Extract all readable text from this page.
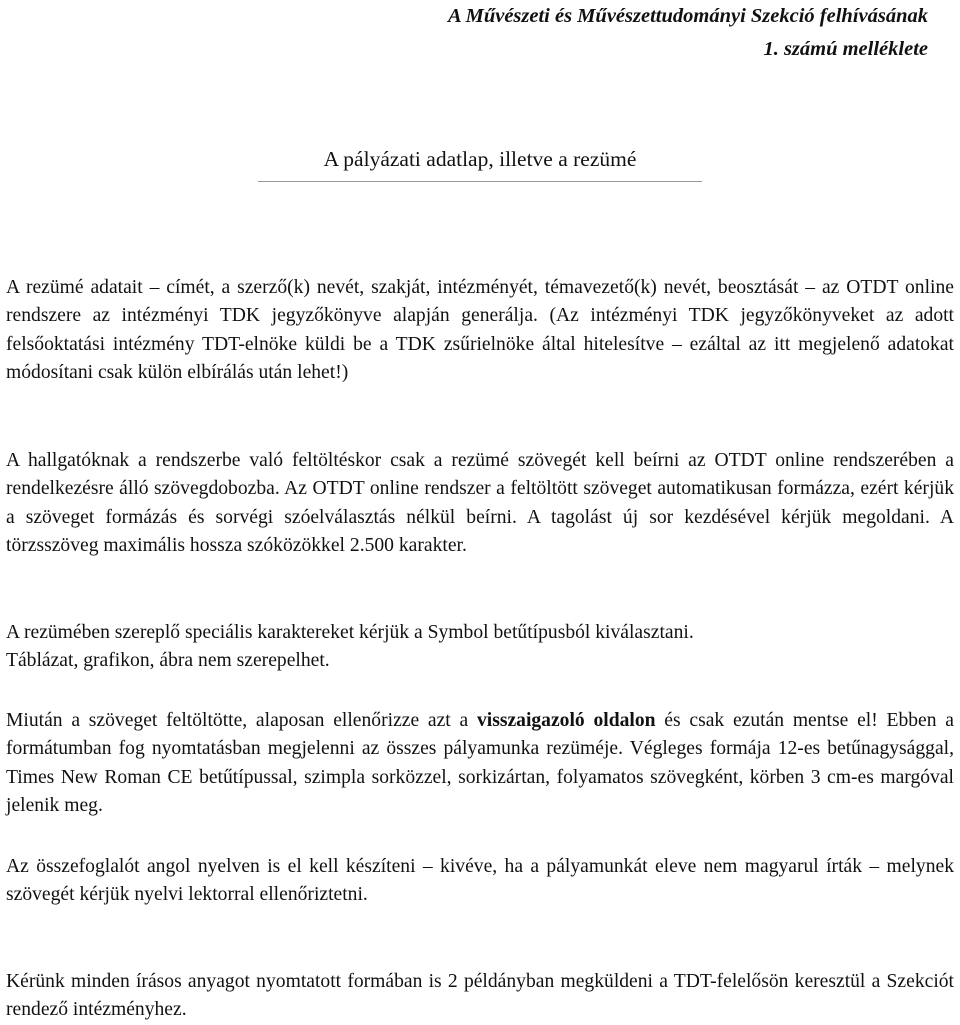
A Művészeti és Művészettudományi Szekció felhívásának
1. számú melléklete
A pályázati adatlap, illetve a rezümé

A rezümé adatait – címét, a szerző(k) nevét, szakját, intézményét, témavezető(k) nevét, beosztását – az OTDT online rendszere az intézményi TDK jegyzőkönyve alapján generálja. (Az intézményi TDK jegyzőkönyveket az adott felsőoktatási intézmény TDT-elnöke küldi be a TDK zsűrielnöke által hitelesítve – ezáltal az itt megjelenő adatokat módosítani csak külön elbírálás után lehet!)

A hallgatóknak a rendszerbe való feltöltéskor csak a rezümé szövegét kell beírni az OTDT online rendszerében a rendelkezésre álló szövegdobozba. Az OTDT online rendszer a feltöltött szöveget automatikusan formázza, ezért kérjük a szöveget formázás és sorvégi szóelválasztás nélkül beírni. A tagolást új sor kezdésével kérjük megoldani. A törzsszöveg maximális hossza szóközökkel 2.500 karakter.

A rezümében szereplő speciális karaktereket kérjük a Symbol betűtípusból kiválasztani.
Táblázat, grafikon, ábra nem szerepelhet.

Miután a szöveget feltöltötte, alaposan ellenőrizze azt a visszaigazoló oldalon és csak ezután mentse el! Ebben a formátumban fog nyomtatásban megjelenni az összes pályamunka rezüméje. Végleges formája 12-es betűnagysággal, Times New Roman CE betűtípussal, szimpla sorközzel, sorkizártan, folyamatos szövegként, körben 3 cm-es margóval jelenik meg.

Az összefoglalót angol nyelven is el kell készíteni – kivéve, ha a pályamunkát eleve nem magyarul írták – melynek szövegét kérjük nyelvi lektorral ellenőriztetni.

Kérünk minden írásos anyagot nyomtatott formában is 2 példányban megküldeni a TDT-felelősön keresztül a Szekciót rendező intézményhez.
